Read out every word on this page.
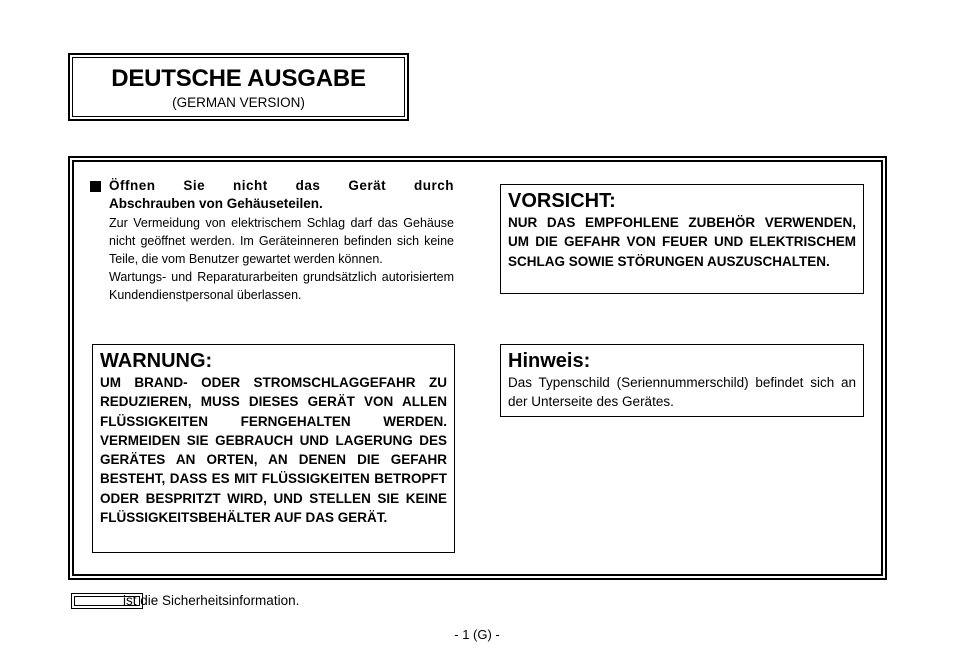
DEUTSCHE AUSGABE
(GERMAN VERSION)
Öffnen Sie nicht das Gerät durch
Abschrauben von Gehäuseteilen.

Zur Vermeidung von elektrischem Schlag darf das Gehäuse nicht geöffnet werden. Im Geräteinneren befinden sich keine Teile, die vom Benutzer gewartet werden können.

Wartungs- und Reparaturarbeiten grundsätzlich autorisiertem Kundendienstpersonal überlassen.

VORSICHT:
NUR DAS EMPFOHLENE ZUBEHÖR VERWENDEN, UM DIE GEFAHR VON FEUER UND ELEKTRISCHEM SCHLAG SOWIE STÖRUNGEN AUSZUSCHALTEN.
WARNUNG:
UM BRAND- ODER STROMSCHLAGGEFAHR ZU REDUZIEREN, MUSS DIESES GERÄT VON ALLEN FLÜSSIGKEITEN FERNGEHALTEN WERDEN. VERMEIDEN SIE GEBRAUCH UND LAGERUNG DES GERÄTES AN ORTEN, AN DENEN DIE GEFAHR BESTEHT, DASS ES MIT FLÜSSIGKEITEN BETROPFT ODER BESPRITZT WIRD, UND STELLEN SIE KEINE FLÜSSIGKEITSBEHÄLTER AUF DAS GERÄT.
Hinweis:
Das Typenschild (Seriennummerschild) befindet sich an der Unterseite des Gerätes.
ist die Sicherheitsinformation.
- 1 (G) -
